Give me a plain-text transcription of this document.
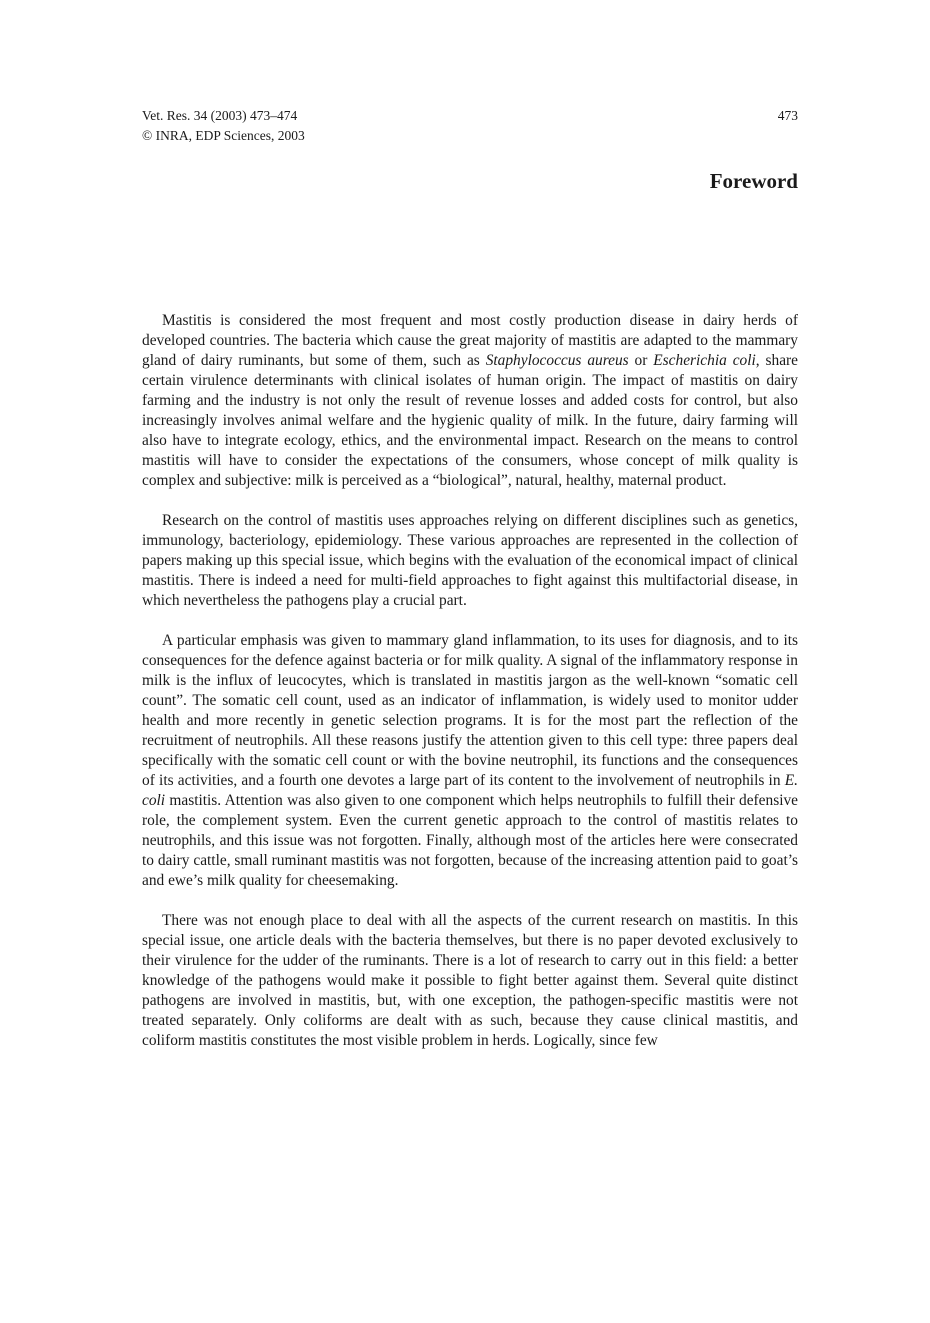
Vet. Res. 34 (2003) 473–474
© INRA, EDP Sciences, 2003
473
Foreword

Mastitis is considered the most frequent and most costly production disease in dairy herds of developed countries. The bacteria which cause the great majority of mastitis are adapted to the mammary gland of dairy ruminants, but some of them, such as Staphylococcus aureus or Escherichia coli, share certain virulence determinants with clinical isolates of human origin. The impact of mastitis on dairy farming and the industry is not only the result of revenue losses and added costs for control, but also increasingly involves animal welfare and the hygienic quality of milk. In the future, dairy farming will also have to integrate ecology, ethics, and the environmental impact. Research on the means to control mastitis will have to consider the expectations of the consumers, whose concept of milk quality is complex and subjective: milk is perceived as a “biological”, natural, healthy, maternal product.

Research on the control of mastitis uses approaches relying on different disciplines such as genetics, immunology, bacteriology, epidemiology. These various approaches are represented in the collection of papers making up this special issue, which begins with the evaluation of the economical impact of clinical mastitis. There is indeed a need for multi-field approaches to fight against this multifactorial disease, in which nevertheless the pathogens play a crucial part.

A particular emphasis was given to mammary gland inflammation, to its uses for diagnosis, and to its consequences for the defence against bacteria or for milk quality. A signal of the inflammatory response in milk is the influx of leucocytes, which is translated in mastitis jargon as the well-known “somatic cell count”. The somatic cell count, used as an indicator of inflammation, is widely used to monitor udder health and more recently in genetic selection programs. It is for the most part the reflection of the recruitment of neutrophils. All these reasons justify the attention given to this cell type: three papers deal specifically with the somatic cell count or with the bovine neutrophil, its functions and the consequences of its activities, and a fourth one devotes a large part of its content to the involvement of neutrophils in E. coli mastitis. Attention was also given to one component which helps neutrophils to fulfill their defensive role, the complement system. Even the current genetic approach to the control of mastitis relates to neutrophils, and this issue was not forgotten. Finally, although most of the articles here were consecrated to dairy cattle, small ruminant mastitis was not forgotten, because of the increasing attention paid to goat’s and ewe’s milk quality for cheesemaking.

There was not enough place to deal with all the aspects of the current research on mastitis. In this special issue, one article deals with the bacteria themselves, but there is no paper devoted exclusively to their virulence for the udder of the ruminants. There is a lot of research to carry out in this field: a better knowledge of the pathogens would make it possible to fight better against them. Several quite distinct pathogens are involved in mastitis, but, with one exception, the pathogen-specific mastitis were not treated separately. Only coliforms are dealt with as such, because they cause clinical mastitis, and coliform mastitis constitutes the most visible problem in herds. Logically, since few
